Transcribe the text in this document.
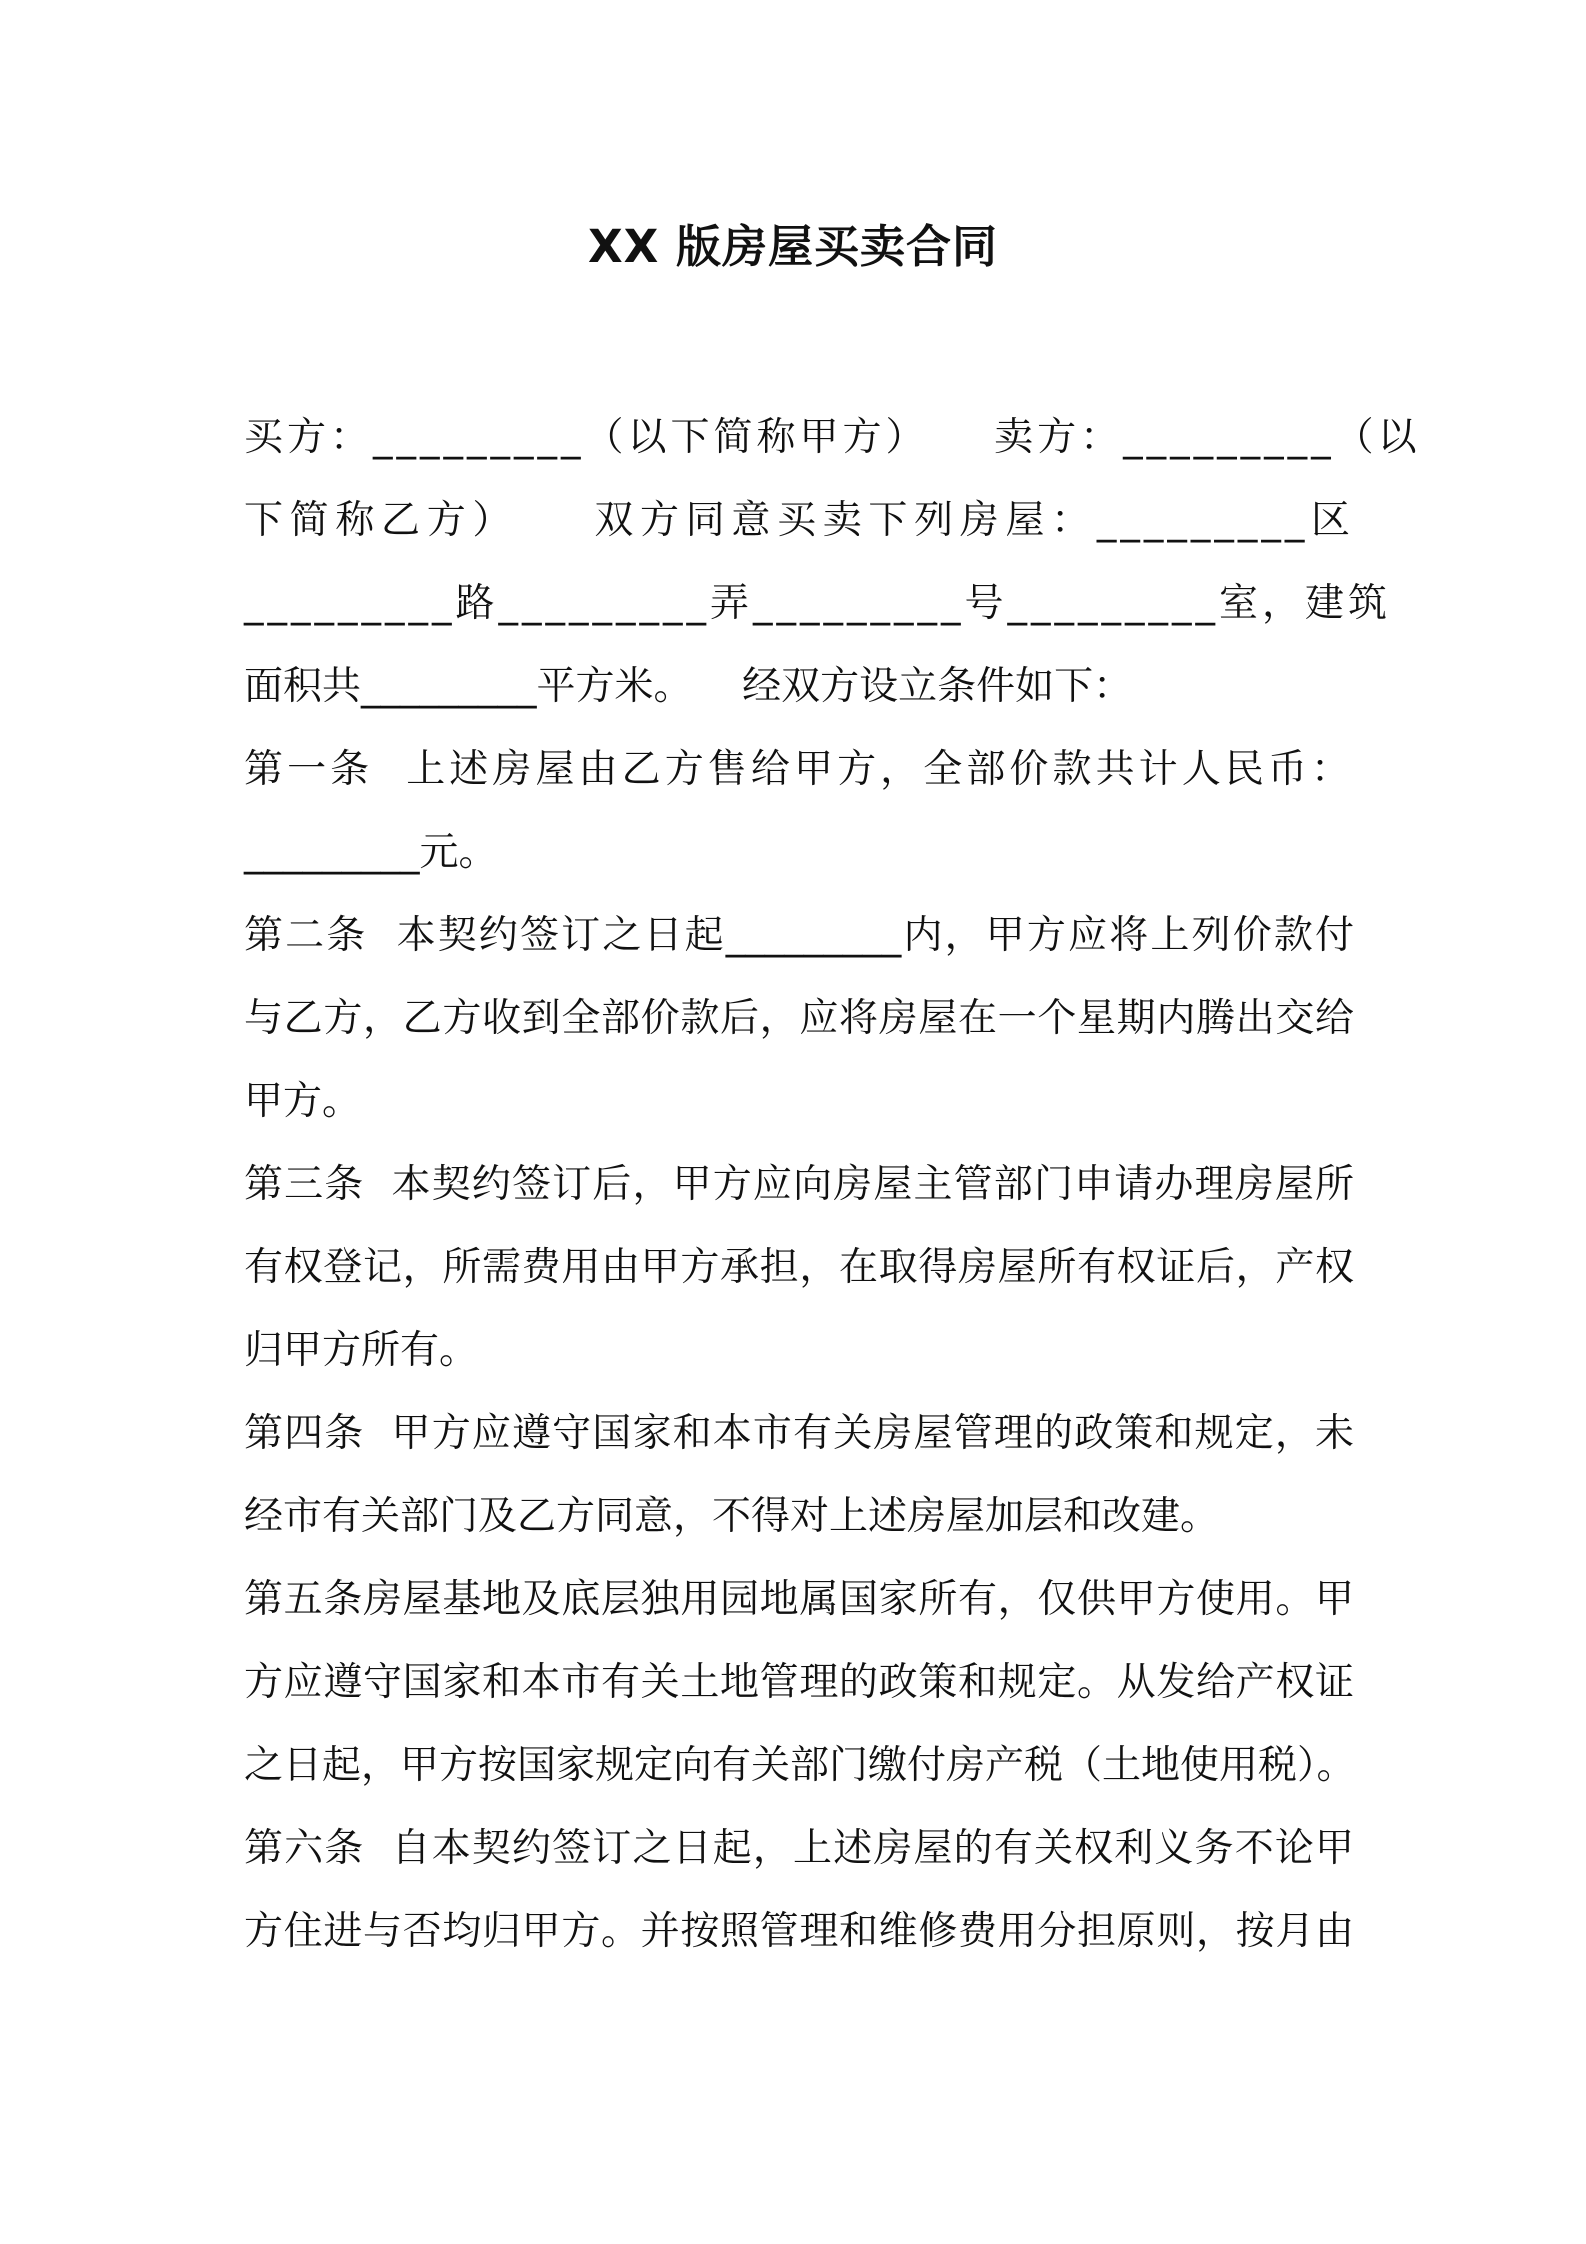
XX 版房屋买卖合同
买方：_________（以下简称甲方）    卖方：_________（以
下简称乙方）    双方同意买卖下列房屋：_________区
_________路_________弄_________号_________室，建筑
面积共_________平方米。    经双方设立条件如下：
第一条  上述房屋由乙方售给甲方，全部价款共计人民币：
_________元。
第二条  本契约签订之日起_________内，甲方应将上列价款付
与乙方，乙方收到全部价款后，应将房屋在一个星期内腾出交给
甲方。
第三条  本契约签订后，甲方应向房屋主管部门申请办理房屋所
有权登记，所需费用由甲方承担，在取得房屋所有权证后，产权
归甲方所有。
第四条  甲方应遵守国家和本市有关房屋管理的政策和规定，未
经市有关部门及乙方同意，不得对上述房屋加层和改建。
第五条房屋基地及底层独用园地属国家所有，仅供甲方使用。甲
方应遵守国家和本市有关土地管理的政策和规定。从发给产权证
之日起，甲方按国家规定向有关部门缴付房产税（土地使用税）。
第六条  自本契约签订之日起，上述房屋的有关权利义务不论甲
方住进与否均归甲方。并按照管理和维修费用分担原则，按月由
